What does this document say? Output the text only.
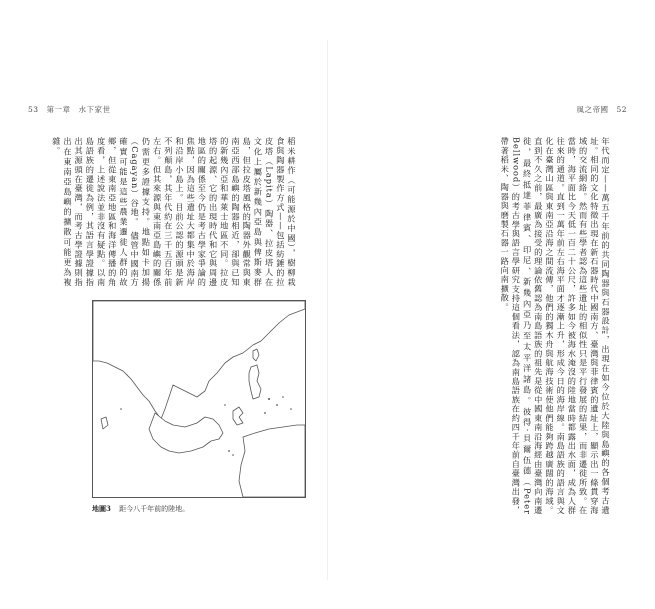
53　第一章　水下家世
稻米耕作（可能源於中國），樹柳栽食與陶器製作方式——包括紡錘的拉皮塔（Lapita）陶器、拉皮塔人在文化上屬於新幾內亞島與俾斯麥群島，但拉皮塔風格的陶器外觀常與東南亞西部島嶼的陶器相近，卻與已知的新幾內亞和華萊士地區不同。拉皮塔的起源、它的出現時代和它與周邊地區的關係至今仍是考古學家爭論的焦點，因為這些遺址大都集中於海岸和沿岸小島上。目前公認的源頭是新不列顛島，其年代約在三千五百年前左右。但其來源與東南亞島嶼的關係仍需更多證據支持。地點如卡加揚（Cagayan）谷地。　儘管中國南方確實可能是這些農業遷徙人群的故鄉，但從東南亞地區和海洋傳播的角度看，上述說法並非沒有疑點。以南島語族的遷徙為例，其語言學證據指出其源頭在臺灣，而考古學證據則指出在東南亞島嶼的擴散可能更為複雜。
地圖3 距今八千年前的陸地。
風之帝國　52
年代而定——萬五千年前的共同陶器與石器設計，出現在如今位於大陸與島嶼的各個考古遺址。相同的文化特徵出現在新石器時代中國南方、臺灣與菲律賓的遺址上，顯示出一條貫穿海域的交流網絡。然而有些學者認為這些遺址的相似性只是平行發展的結果，而非遷徙所致。在當時，海平面比今天低一百二十公尺，許多如今被海水淹沒的陸地當時都露出水面，成為人群往來的通道。直到一萬年前左右海平面才逐漸上升，形成今日的海岸線。南島語族的語言與文化在臺灣山區與東南亞沿海之間流傳，他們的獨木舟與航海技術使他們能夠跨越廣闊的海域。直到不久之前，最廣為接受的理論依舊認為南島語族的祖先是從中國東南沿海經由臺灣向南遷徙，最終抵達菲律賓、印尼、新幾內亞乃至太平洋諸島。彼得·貝爾伍德（Peter Bellwood）的考古學與語言學研究支持這個看法，認為南島語族在約四千年前自臺灣出發，帶著稻米、陶器與磨製石器一路向南擴散。
